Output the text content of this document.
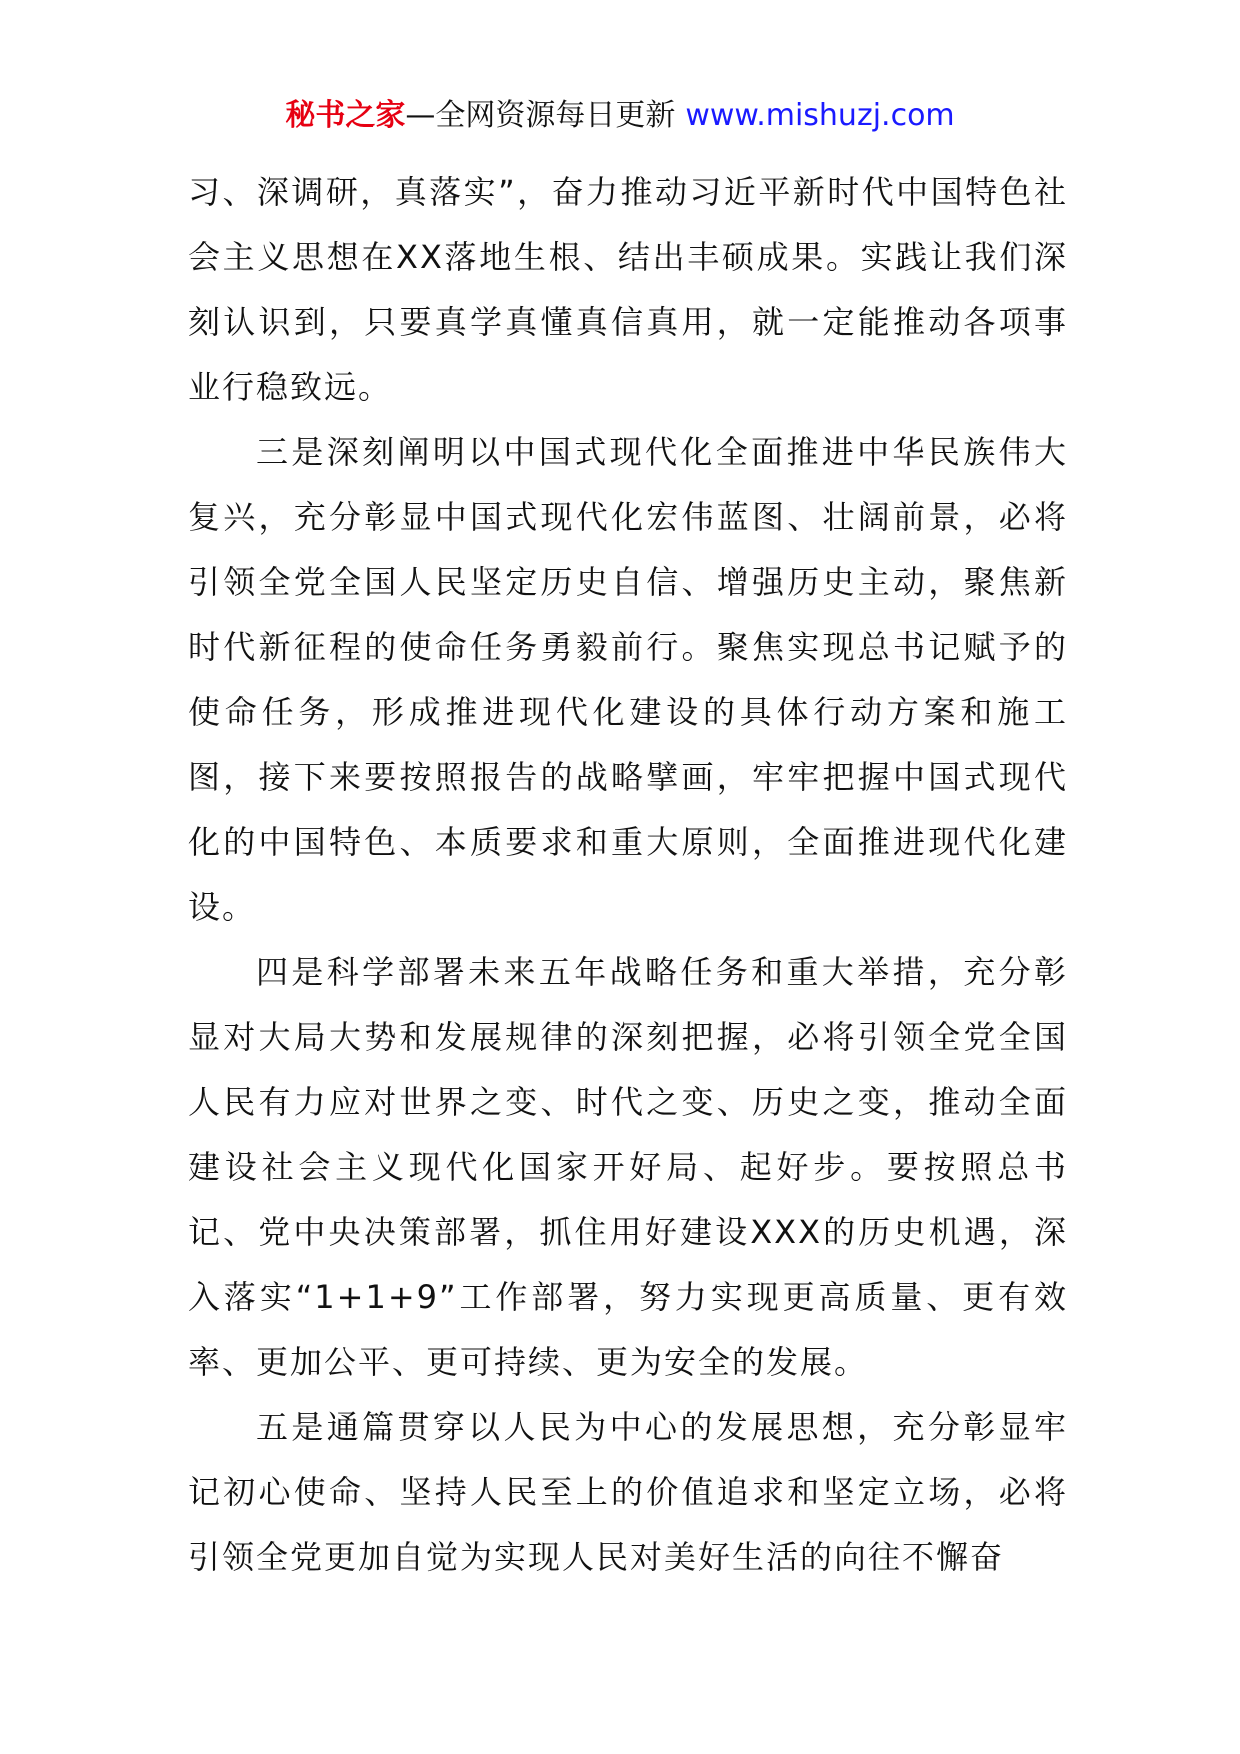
秘书之家—全网资源每日更新 www.mishuzj.com

习、深调研，真落实”，奋力推动习近平新时代中国特色社会主义思想在XX落地生根、结出丰硕成果。实践让我们深刻认识到，只要真学真懂真信真用，就一定能推动各项事业行稳致远。

三是深刻阐明以中国式现代化全面推进中华民族伟大复兴，充分彰显中国式现代化宏伟蓝图、壮阔前景，必将引领全党全国人民坚定历史自信、增强历史主动，聚焦新时代新征程的使命任务勇毅前行。聚焦实现总书记赋予的使命任务，形成推进现代化建设的具体行动方案和施工图，接下来要按照报告的战略擘画，牢牢把握中国式现代化的中国特色、本质要求和重大原则，全面推进现代化建设。

四是科学部署未来五年战略任务和重大举措，充分彰显对大局大势和发展规律的深刻把握，必将引领全党全国人民有力应对世界之变、时代之变、历史之变，推动全面建设社会主义现代化国家开好局、起好步。要按照总书记、党中央决策部署，抓住用好建设XXX的历史机遇，深入落实“1+1+9”工作部署，努力实现更高质量、更有效率、更加公平、更可持续、更为安全的发展。

五是通篇贯穿以人民为中心的发展思想，充分彰显牢记初心使命、坚持人民至上的价值追求和坚定立场，必将引领全党更加自觉为实现人民对美好生活的向往不懈奋
